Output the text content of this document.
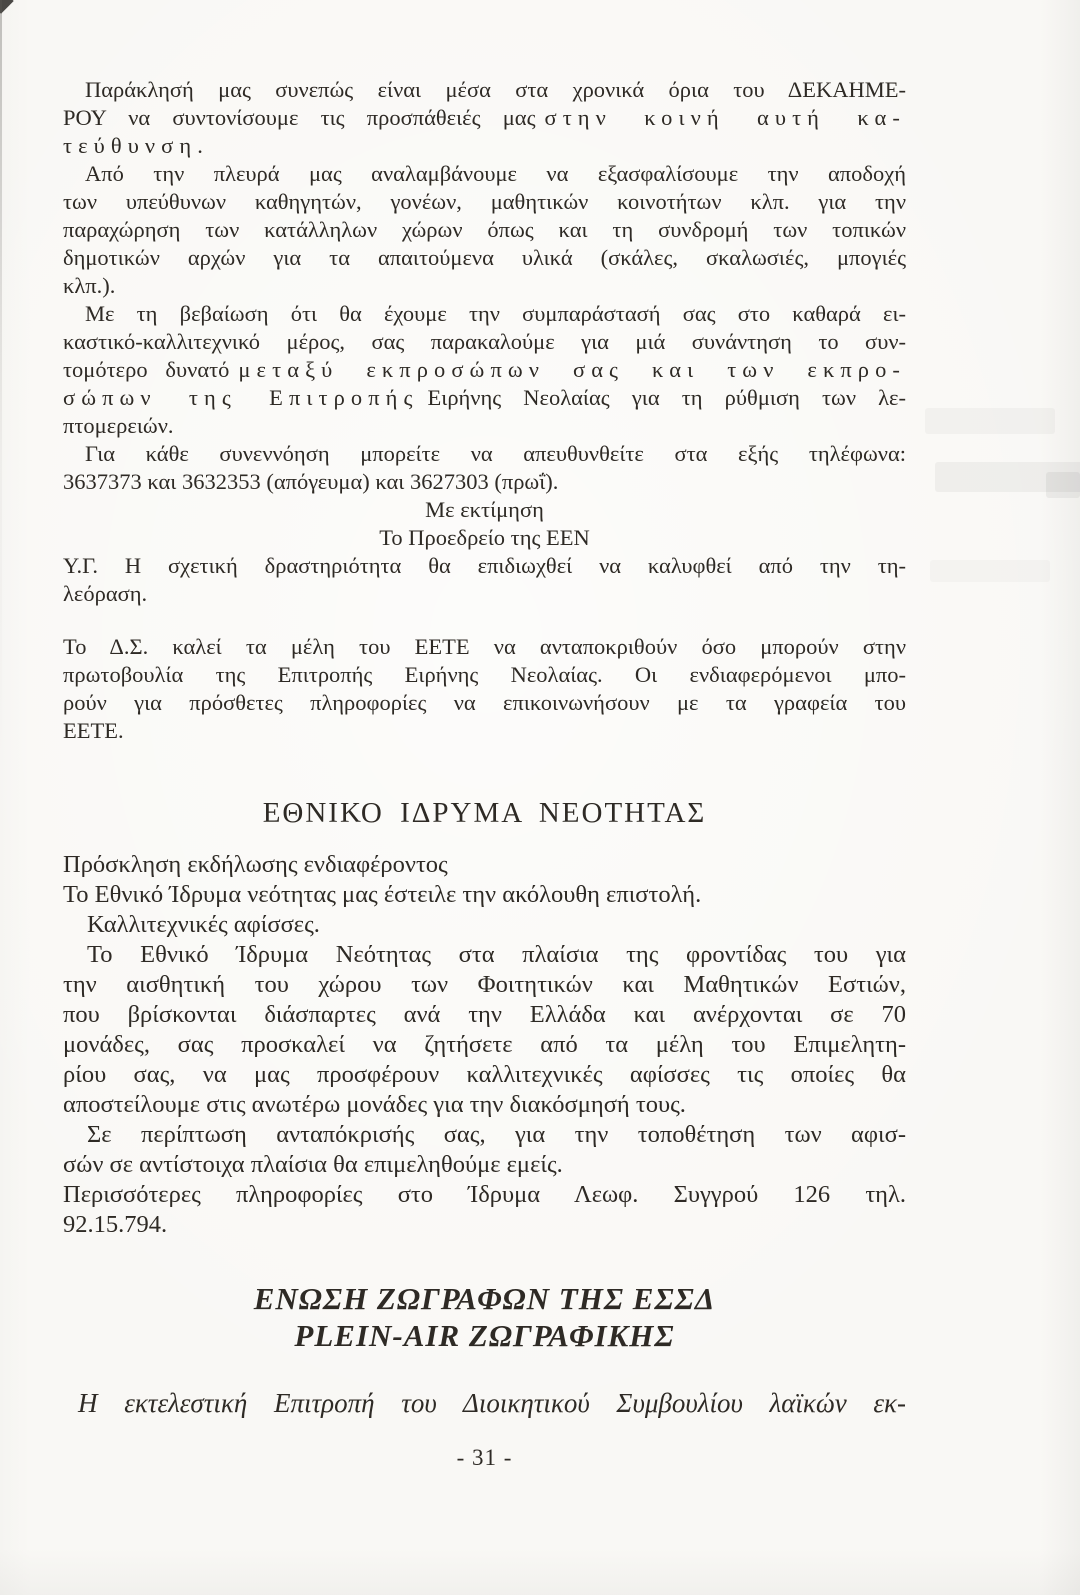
Παράκλησή μας συνεπώς είναι μέσα στα χρονικά όρια του ΔΕΚΑΗΜΕ-
ΡΟΥ να συντονίσουμε τις προσπάθειές μας στην κοινή αυτή κα-
τεύθυνση.
Από την πλευρά μας αναλαμβάνουμε να εξασφαλίσουμε την αποδοχή
των υπεύθυνων καθηγητών, γονέων, μαθητικών κοινοτήτων κλπ. για την
παραχώρηση των κατάλληλων χώρων όπως και τη συνδρομή των τοπικών
δημοτικών αρχών για τα απαιτούμενα υλικά (σκάλες, σκαλωσιές, μπογιές
κλπ.).
Με τη βεβαίωση ότι θα έχουμε την συμπαράστασή σας στο καθαρά ει-
καστικό-καλλιτεχνικό μέρος, σας παρακαλούμε για μιά συνάντηση το συν-
τομότερο δυνατό μεταξύ εκπροσώπων σας και των εκπρο-
σώπων της Επιτροπής Ειρήνης Νεολαίας για τη ρύθμιση των λε-
πτομερειών.
Για κάθε συνεννόηση μπορείτε να απευθυνθείτε στα εξής τηλέφωνα:
3637373 και 3632353 (απόγευμα) και 3627303 (πρωΐ).
Με εκτίμηση
Το Προεδρείο της ΕΕΝ
Υ.Γ. Η σχετική δραστηριότητα θα επιδιωχθεί να καλυφθεί από την τη-
λεόραση.
Το Δ.Σ. καλεί τα μέλη του ΕΕΤΕ να ανταποκριθούν όσο μπορούν στην
πρωτοβουλία της Επιτροπής Ειρήνης Νεολαίας. Οι ενδιαφερόμενοι μπο-
ρούν για πρόσθετες πληροφορίες να επικοινωνήσουν με τα γραφεία του
ΕΕΤΕ.
ΕΘΝΙΚΟ ΙΔΡΥΜΑ ΝΕΟΤΗΤΑΣ
Πρόσκληση εκδήλωσης ενδιαφέροντος
Το Εθνικό Ίδρυμα νεότητας μας έστειλε την ακόλουθη επιστολή.
Καλλιτεχνικές αφίσσες.
Το Εθνικό Ίδρυμα Νεότητας στα πλαίσια της φροντίδας του για
την αισθητική του χώρου των Φοιτητικών και Μαθητικών Εστιών,
που βρίσκονται διάσπαρτες ανά την Ελλάδα και ανέρχονται σε 70
μονάδες, σας προσκαλεί να ζητήσετε από τα μέλη του Επιμελητη-
ρίου σας, να μας προσφέρουν καλλιτεχνικές αφίσσες τις οποίες θα
αποστείλουμε στις ανωτέρω μονάδες για την διακόσμησή τους.
Σε περίπτωση ανταπόκρισής σας, για την τοποθέτηση των αφισ-
σών σε αντίστοιχα πλαίσια θα επιμεληθούμε εμείς.
Περισσότερες πληροφορίες στο Ίδρυμα Λεωφ. Συγγρού 126 τηλ.
92.15.794.
ΕΝΩΣΗ ΖΩΓΡΑΦΩΝ ΤΗΣ ΕΣΣΔ
PLEIN-AIR ΖΩΓΡΑΦΙΚΗΣ
Η εκτελεστική Επιτροπή του Διοικητικού Συμβουλίου λαϊκών εκ-
- 31 -
